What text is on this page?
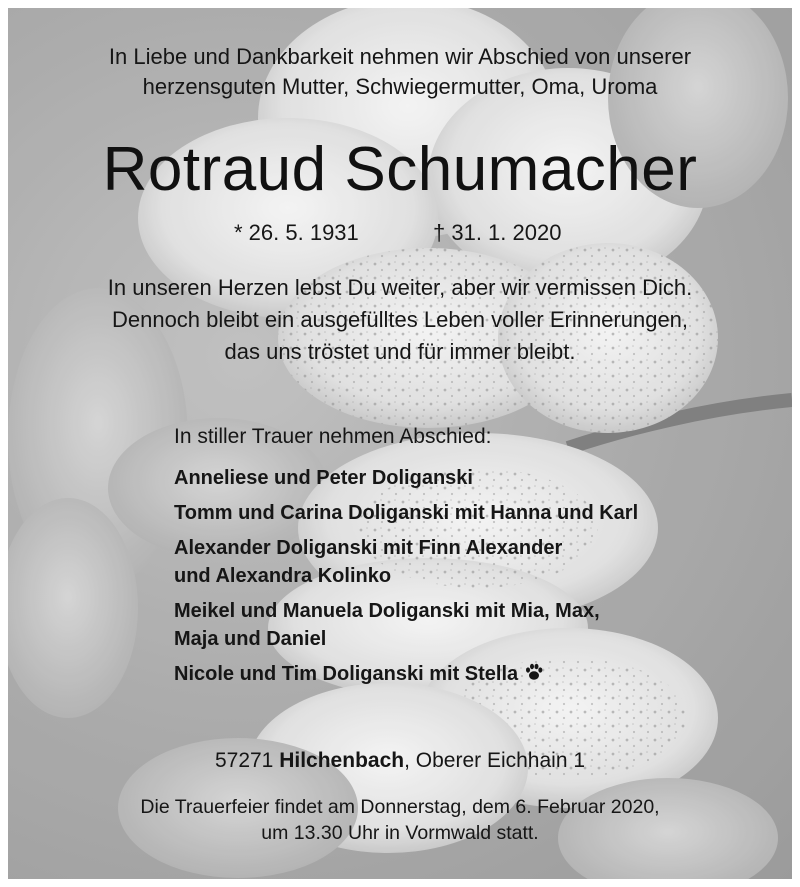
In Liebe und Dankbarkeit nehmen wir Abschied von unserer
herzensguten Mutter, Schwiegermutter, Oma, Uroma
Rotraud Schumacher
* 26. 5. 1931	† 31. 1. 2020
In unseren Herzen lebst Du weiter, aber wir vermissen Dich.
Dennoch bleibt ein ausgefülltes Leben voller Erinnerungen,
das uns tröstet und für immer bleibt.
In stiller Trauer nehmen Abschied:
Anneliese und Peter Doliganski
Tomm und Carina Doliganski mit Hanna und Karl
Alexander Doliganski mit Finn Alexander
und Alexandra Kolinko
Meikel und Manuela Doliganski mit Mia, Max,
Maja und Daniel
Nicole und Tim Doliganski mit Stella
57271 Hilchenbach, Oberer Eichhain 1
Die Trauerfeier findet am Donnerstag, dem 6. Februar 2020,
um 13.30 Uhr in Vormwald statt.
